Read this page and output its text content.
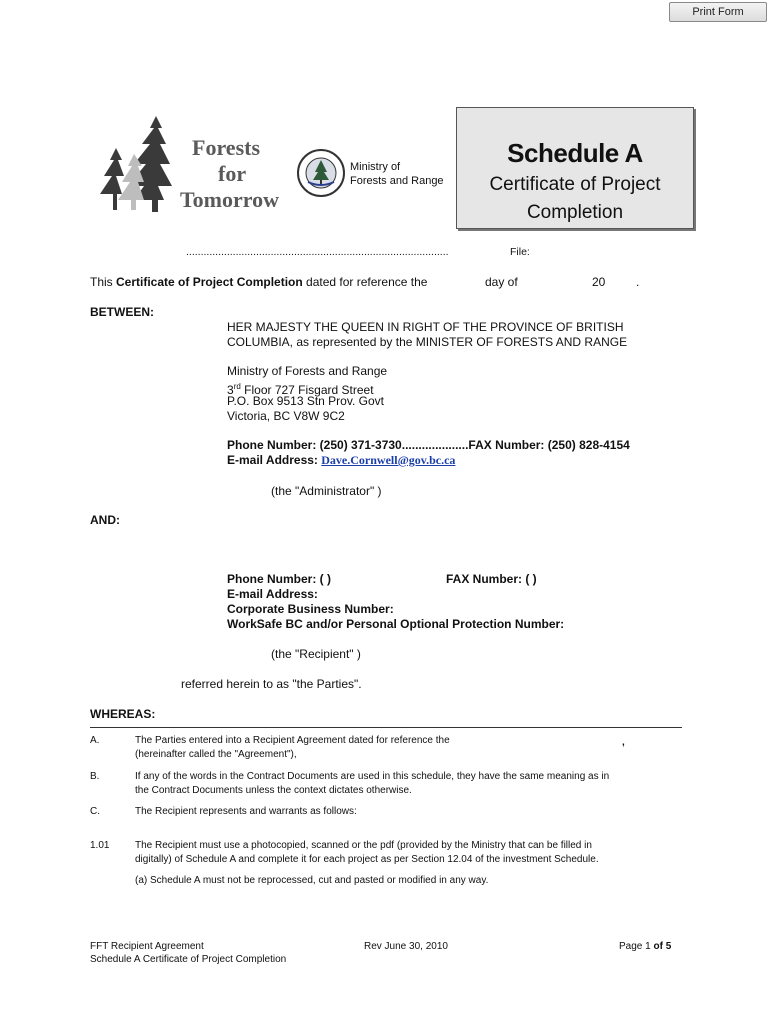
Print Form
Forests
for
Tomorrow
Ministry of
Forests and Range
Schedule A
Certificate of Project
Completion
..........................................................................................	File:
This Certificate of Project Completion dated for reference the	day of	20	.
BETWEEN:
HER MAJESTY THE QUEEN IN RIGHT OF THE PROVINCE OF BRITISH COLUMBIA, as represented by the MINISTER OF FORESTS AND RANGE
Ministry of Forests and Range
3rd Floor 727 Fisgard Street
P.O. Box 9513 Stn Prov. Govt
Victoria, BC V8W 9C2
Phone Number: (250) 371-3730....................FAX Number: (250) 828-4154
E-mail Address: Dave.Cornwell@gov.bc.ca
(the "Administrator" )
AND:
Phone Number: ( )	FAX Number: ( )
E-mail Address:
Corporate Business Number:
WorkSafe BC and/or Personal Optional Protection Number:
(the "Recipient" )
referred herein to as "the Parties".
WHEREAS:
A.	The Parties entered into a Recipient Agreement dated for reference the	,
(hereinafter called the "Agreement"),
B.	If any of the words in the Contract Documents are used in this schedule, they have the same meaning as in
the Contract Documents unless the context dictates otherwise.
C.	The Recipient represents and warrants as follows:
1.01	The Recipient must use a photocopied, scanned or the pdf (provided by the Ministry that can be filled in
digitally) of Schedule A and complete it for each project as per Section 12.04 of the investment Schedule.
(a) Schedule A must not be reprocessed, cut and pasted or modified in any way.
FFT Recipient Agreement
Schedule A Certificate of Project Completion
Rev June 30, 2010	Page 1 of 5
